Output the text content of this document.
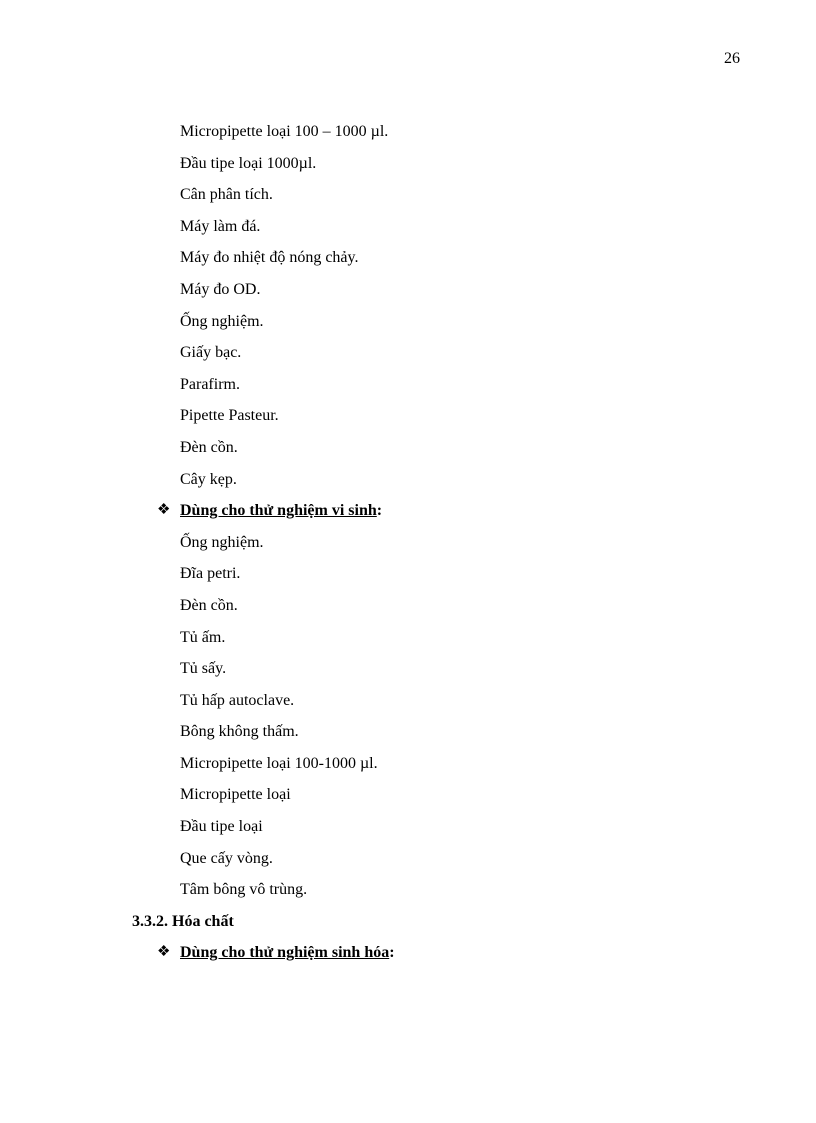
26
Micropipette loại 100 – 1000 µl.
Đầu tipe loại 1000µl.
Cân phân tích.
Máy làm đá.
Máy đo nhiệt độ nóng chảy.
Máy đo OD.
Ống nghiệm.
Giấy bạc.
Parafirm.
Pipette Pasteur.
Đèn cồn.
Cây kẹp.
❖ Dùng cho thử nghiệm vi sinh:
Ống nghiệm.
Đĩa petri.
Đèn cồn.
Tủ ấm.
Tủ sấy.
Tủ hấp autoclave.
Bông không thấm.
Micropipette loại 100-1000 µl.
Micropipette loại
Đầu tipe loại
Que cấy vòng.
Tâm bông vô trùng.
3.3.2. Hóa chất
❖ Dùng cho thử nghiệm sinh hóa:
